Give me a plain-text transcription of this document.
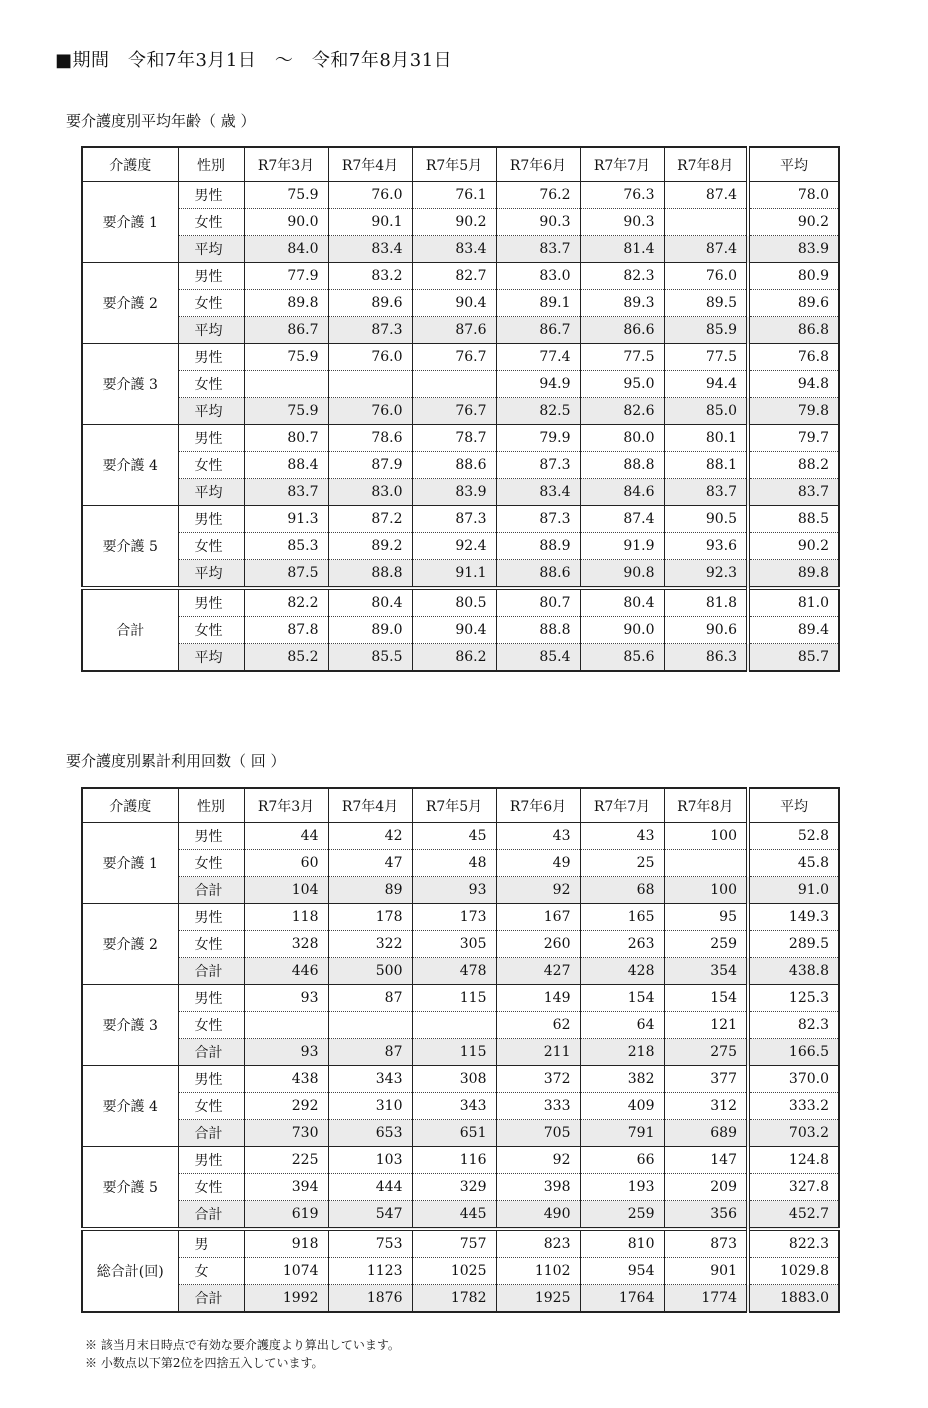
■期間　令和7年3月1日　～　令和7年8月31日
要介護度別平均年齢（ 歳 ）
介護度	性別	R7年3月	R7年4月	R7年5月	R7年6月	R7年7月	R7年8月	平均
要介護 1	男性	75.9	76.0	76.1	76.2	76.3	87.4	78.0
	女性	90.0	90.1	90.2	90.3	90.3		90.2
	平均	84.0	83.4	83.4	83.7	81.4	87.4	83.9
要介護 2	男性	77.9	83.2	82.7	83.0	82.3	76.0	80.9
	女性	89.8	89.6	90.4	89.1	89.3	89.5	89.6
	平均	86.7	87.3	87.6	86.7	86.6	85.9	86.8
要介護 3	男性	75.9	76.0	76.7	77.4	77.5	77.5	76.8
	女性				94.9	95.0	94.4	94.8
	平均	75.9	76.0	76.7	82.5	82.6	85.0	79.8
要介護 4	男性	80.7	78.6	78.7	79.9	80.0	80.1	79.7
	女性	88.4	87.9	88.6	87.3	88.8	88.1	88.2
	平均	83.7	83.0	83.9	83.4	84.6	83.7	83.7
要介護 5	男性	91.3	87.2	87.3	87.3	87.4	90.5	88.5
	女性	85.3	89.2	92.4	88.9	91.9	93.6	90.2
	平均	87.5	88.8	91.1	88.6	90.8	92.3	89.8
合計	男性	82.2	80.4	80.5	80.7	80.4	81.8	81.0
	女性	87.8	89.0	90.4	88.8	90.0	90.6	89.4
	平均	85.2	85.5	86.2	85.4	85.6	86.3	85.7
要介護度別累計利用回数（ 回 ）
介護度	性別	R7年3月	R7年4月	R7年5月	R7年6月	R7年7月	R7年8月	平均
要介護 1	男性	44	42	45	43	43	100	52.8
	女性	60	47	48	49	25		45.8
	合計	104	89	93	92	68	100	91.0
要介護 2	男性	118	178	173	167	165	95	149.3
	女性	328	322	305	260	263	259	289.5
	合計	446	500	478	427	428	354	438.8
要介護 3	男性	93	87	115	149	154	154	125.3
	女性				62	64	121	82.3
	合計	93	87	115	211	218	275	166.5
要介護 4	男性	438	343	308	372	382	377	370.0
	女性	292	310	343	333	409	312	333.2
	合計	730	653	651	705	791	689	703.2
要介護 5	男性	225	103	116	92	66	147	124.8
	女性	394	444	329	398	193	209	327.8
	合計	619	547	445	490	259	356	452.7
総合計(回)	男	918	753	757	823	810	873	822.3
	女	1074	1123	1025	1102	954	901	1029.8
	合計	1992	1876	1782	1925	1764	1774	1883.0
※ 該当月末日時点で有効な要介護度より算出しています。
※ 小数点以下第2位を四捨五入しています。
